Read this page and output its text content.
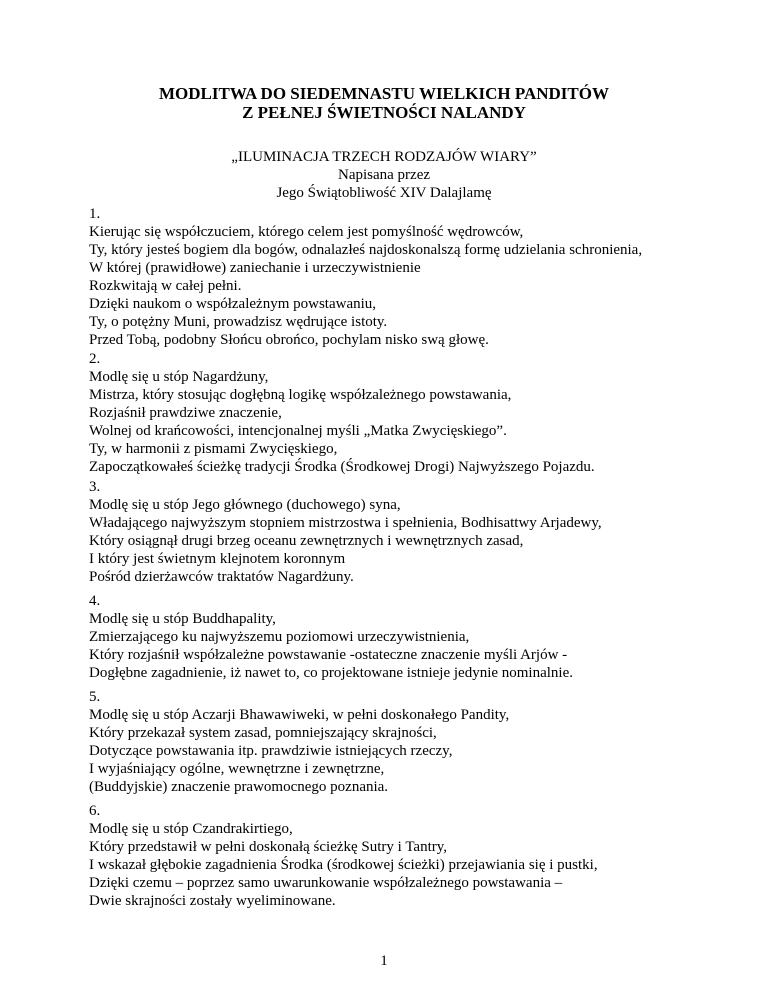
MODLITWA DO SIEDEMNASTU WIELKICH PANDITÓW
Z PEŁNEJ ŚWIETNOŚCI NALANDY
„ILUMINACJA TRZECH RODZAJÓW WIARY”
Napisana przez
Jego Świątobliwość XIV Dalajlamę
1.
Kierując się współczuciem, którego celem jest pomyślność wędrowców,
Ty, który jesteś bogiem dla bogów, odnalazłeś najdoskonalszą formę udzielania schronienia,
W której (prawidłowe) zaniechanie i urzeczywistnienie
Rozkwitają w całej pełni.
Dzięki naukom o współzależnym powstawaniu,
Ty, o potężny Muni, prowadzisz wędrujące istoty.
Przed Tobą, podobny Słońcu obrońco, pochylam nisko swą głowę.
2.
Modlę się u stóp Nagardżuny,
Mistrza, który stosując dogłębną logikę współzależnego powstawania,
Rozjaśnił prawdziwe znaczenie,
Wolnej od krańcowości, intencjonalnej myśli „Matka Zwycięskiego”.
Ty, w harmonii z pismami Zwycięskiego,
Zapoczątkowałeś ścieżkę tradycji Środka (Środkowej Drogi) Najwyższego Pojazdu.
3.
Modlę się u stóp Jego głównego (duchowego) syna,
Władającego najwyższym stopniem mistrzostwa i spełnienia, Bodhisattwy Arjadewy,
Który osiągnął drugi brzeg oceanu zewnętrznych i wewnętrznych zasad,
I który jest świetnym klejnotem koronnym
Pośród dzierżawców traktatów Nagardżuny.
4.
Modlę się u stóp Buddhapality,
Zmierzającego ku najwyższemu poziomowi urzeczywistnienia,
Który rozjaśnił współzależne powstawanie -ostateczne znaczenie myśli Arjów -
Dogłębne zagadnienie, iż nawet to, co projektowane istnieje jedynie nominalnie.
5.
Modlę się u stóp Aczarji Bhawawiweki, w pełni doskonałego Pandity,
Który przekazał system zasad, pomniejszający skrajności,
Dotyczące powstawania itp. prawdziwie istniejących rzeczy,
I wyjaśniający ogólne, wewnętrzne i zewnętrzne,
(Buddyjskie) znaczenie prawomocnego poznania.
6.
Modlę się u stóp Czandrakirtiego,
Który przedstawił w pełni doskonałą ścieżkę Sutry i Tantry,
I wskazał głębokie zagadnienia Środka (środkowej ścieżki) przejawiania się i pustki,
Dzięki czemu – poprzez samo uwarunkowanie współzależnego powstawania –
Dwie skrajności zostały wyeliminowane.
1
